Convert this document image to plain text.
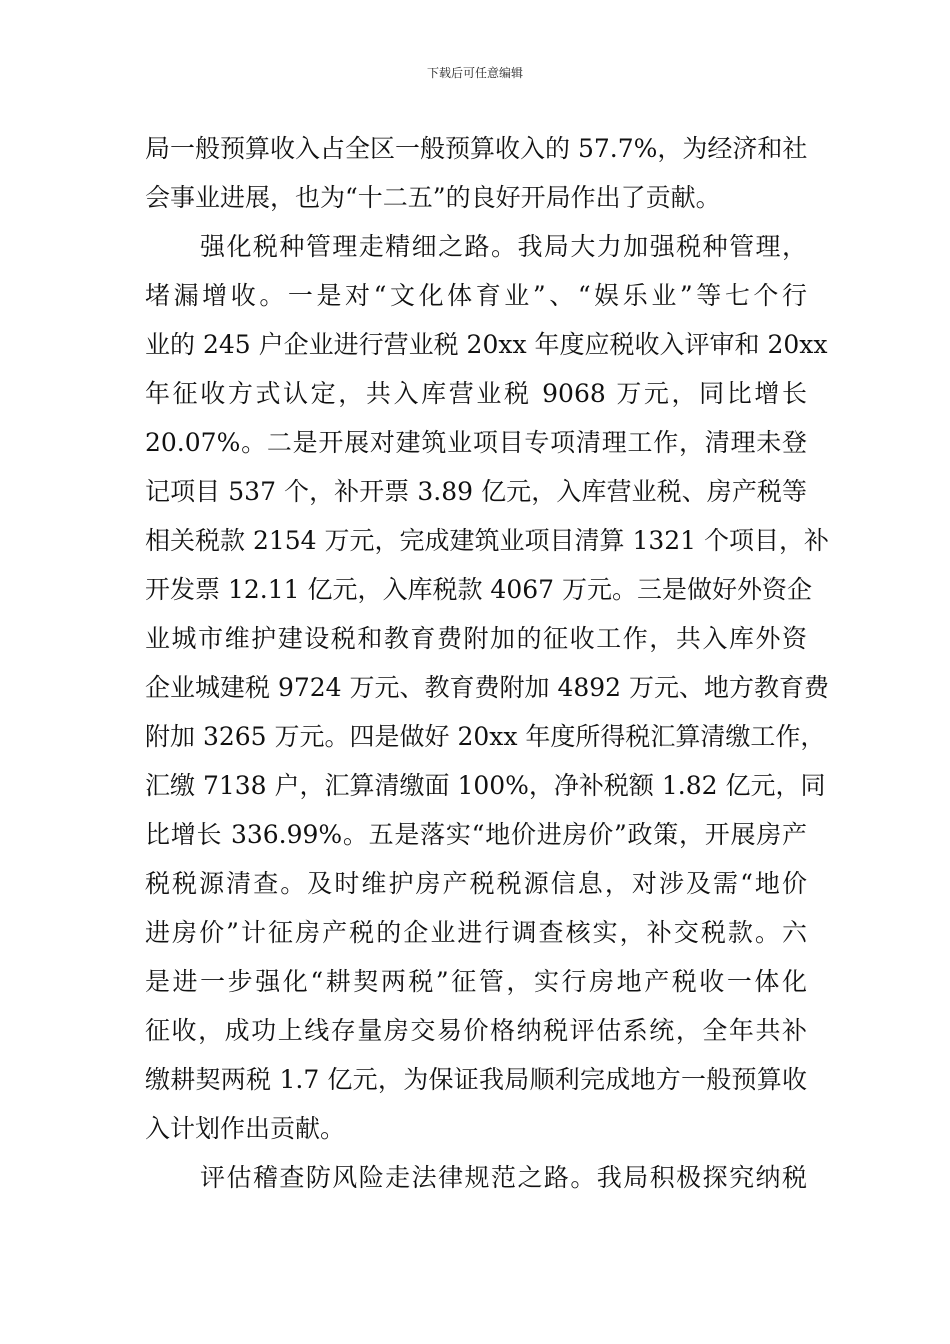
下载后可任意编辑
局一般预算收入占全区一般预算收入的 57.7%，为经济和社
会事业进展，也为“十二五”的良好开局作出了贡献。
强化税种管理走精细之路。我局大力加强税种管理，
堵漏增收。一是对“文化体育业”、“娱乐业”等七个行
业的 245 户企业进行营业税 20xx 年度应税收入评审和 20xx
年征收方式认定，共入库营业税 9068 万元，同比增长
20.07%。二是开展对建筑业项目专项清理工作，清理未登
记项目 537 个，补开票 3.89 亿元，入库营业税、房产税等
相关税款 2154 万元，完成建筑业项目清算 1321 个项目，补
开发票 12.11 亿元，入库税款 4067 万元。三是做好外资企
业城市维护建设税和教育费附加的征收工作，共入库外资
企业城建税 9724 万元、教育费附加 4892 万元、地方教育费
附加 3265 万元。四是做好 20xx 年度所得税汇算清缴工作，
汇缴 7138 户，汇算清缴面 100%，净补税额 1.82 亿元，同
比增长 336.99%。五是落实“地价进房价”政策，开展房产
税税源清查。及时维护房产税税源信息，对涉及需“地价
进房价”计征房产税的企业进行调查核实，补交税款。六
是进一步强化“耕契两税”征管，实行房地产税收一体化
征收，成功上线存量房交易价格纳税评估系统，全年共补
缴耕契两税 1.7 亿元，为保证我局顺利完成地方一般预算收
入计划作出贡献。
评估稽查防风险走法律规范之路。我局积极探究纳税
